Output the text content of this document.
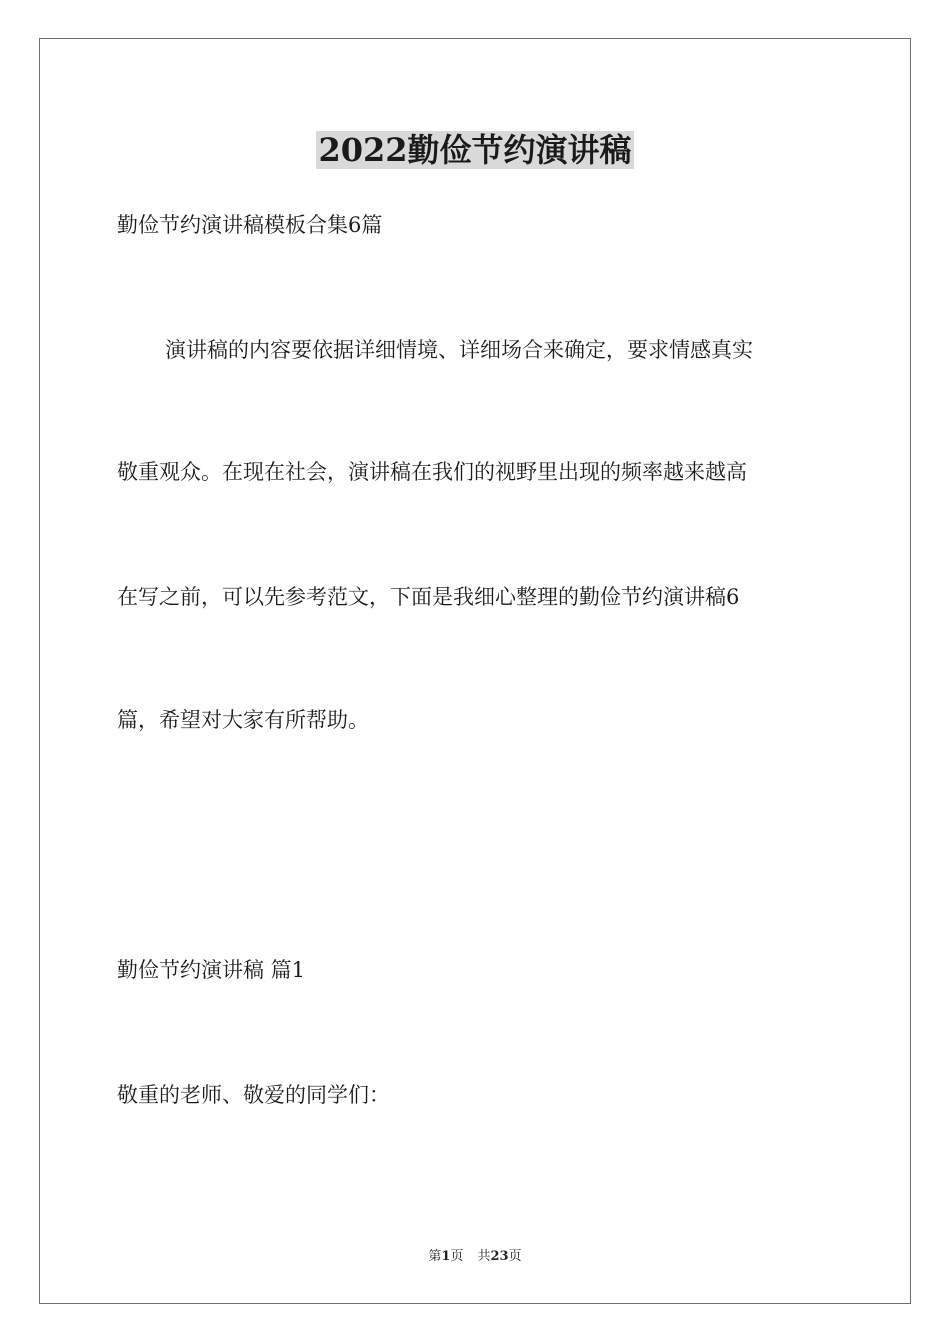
2022勤俭节约演讲稿
勤俭节约演讲稿模板合集6篇
演讲稿的内容要依据详细情境、详细场合来确定，要求情感真实
敬重观众。在现在社会，演讲稿在我们的视野里出现的频率越来越高
在写之前，可以先参考范文，下面是我细心整理的勤俭节约演讲稿6
篇，希望对大家有所帮助。
勤俭节约演讲稿 篇1
敬重的老师、敬爱的同学们：
第1页 共23页
